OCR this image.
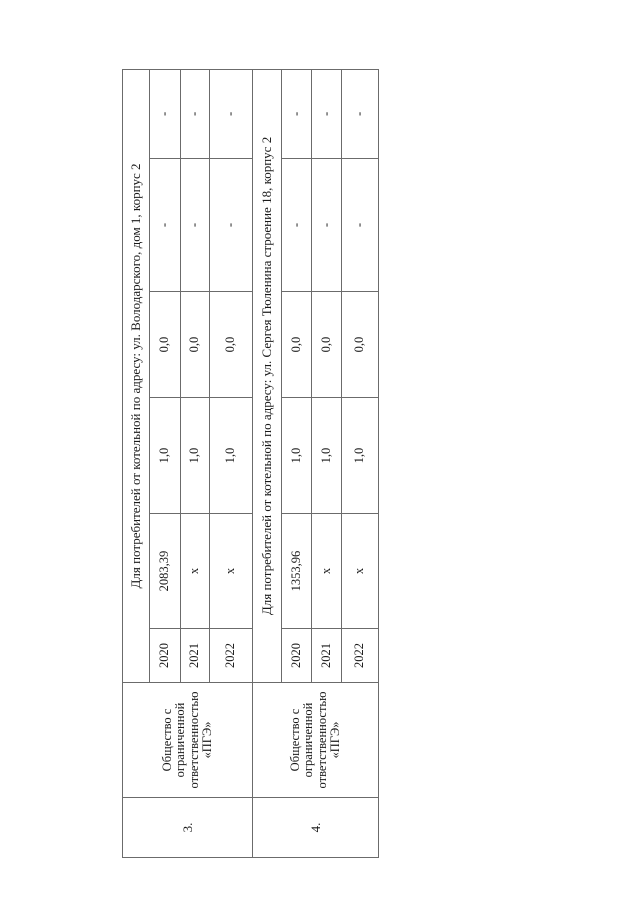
3.	Общество с ограниченной ответственностью «ПГЭ»	Для потребителей от котельной по адресу: ул. Володарского, дом 1, корпус 2					
		2020	2083,39	1,0	0,0	-	-
		2021	х	1,0	0,0	-	-
		2022	х	1,0	0,0	-	-
4.	Общество с ограниченной ответственностью «ПГЭ»	Для потребителей от котельной по адресу: ул. Сергея Тюленина строение 18, корпус 2					
		2020	1353,96	1,0	0,0	-	-
		2021	х	1,0	0,0	-	-
		2022	х	1,0	0,0	-	-
